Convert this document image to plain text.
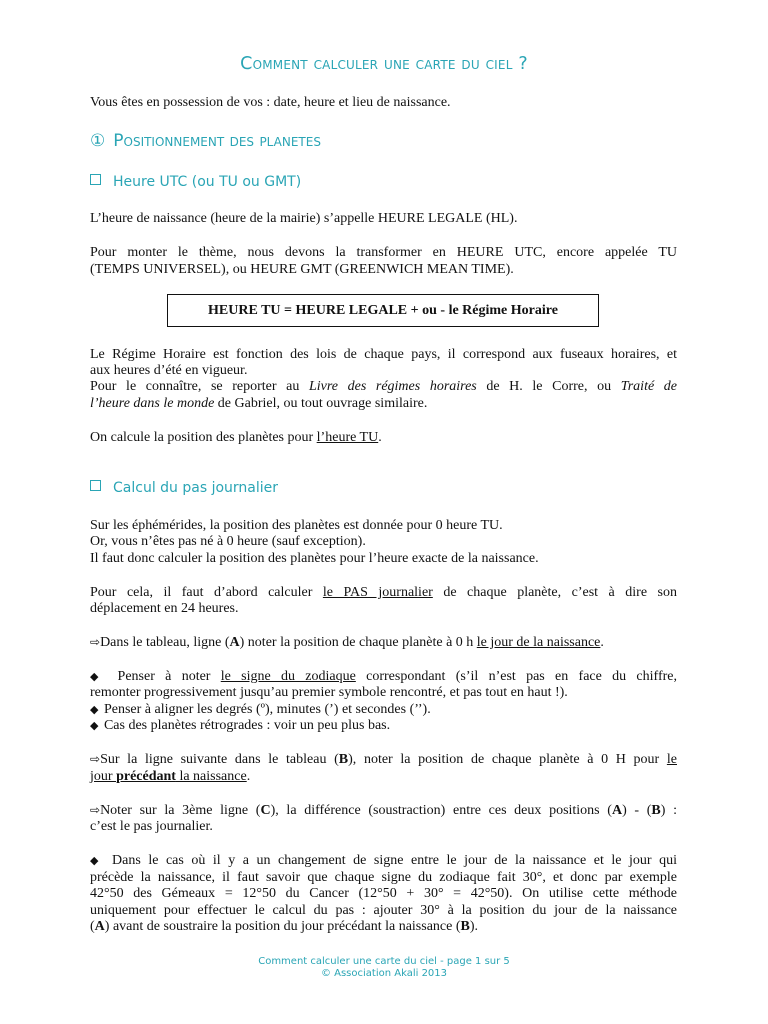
Comment calculer une carte du ciel ?
Vous êtes en possession de vos : date, heure et lieu de naissance.
① Positionnement des planetes
Heure UTC (ou TU ou GMT)
L’heure de naissance (heure de la mairie) s’appelle HEURE LEGALE (HL).
Pour monter le thème, nous devons la transformer en HEURE UTC, encore appelée TU
(TEMPS UNIVERSEL), ou HEURE GMT (GREENWICH MEAN TIME).
HEURE TU = HEURE LEGALE + ou - le Régime Horaire
Le Régime Horaire est fonction des lois de chaque pays, il correspond aux fuseaux horaires, et
aux heures d’été en vigueur.
Pour le connaître, se reporter au Livre des régimes horaires de H. le Corre, ou Traité de
l’heure dans le monde de Gabriel, ou tout ouvrage similaire.
On calcule la position des planètes pour l’heure TU.
Calcul du pas journalier
Sur les éphémérides, la position des planètes est donnée pour 0 heure TU.
Or, vous n’êtes pas né à 0 heure (sauf exception).
Il faut donc calculer la position des planètes pour l’heure exacte de la naissance.
Pour cela, il faut d’abord calculer le PAS journalier de chaque planète, c’est à dire son
déplacement en 24 heures.
⇨Dans le tableau, ligne (A) noter la position de chaque planète à 0 h le jour de la naissance.
◆ Penser à noter le signe du zodiaque correspondant (s’il n’est pas en face du chiffre,
remonter progressivement jusqu’au premier symbole rencontré, et pas tout en haut !).
◆ Penser à aligner les degrés (º), minutes (’) et secondes (’’).
◆ Cas des planètes rétrogrades : voir un peu plus bas.
⇨Sur la ligne suivante dans le tableau (B), noter la position de chaque planète à 0 H pour le
jour précédant la naissance.
⇨Noter sur la 3ème ligne (C), la différence (soustraction) entre ces deux positions (A) - (B) :
c’est le pas journalier.
◆ Dans le cas où il y a un changement de signe entre le jour de la naissance et le jour qui
précède la naissance, il faut savoir que chaque signe du zodiaque fait 30°, et donc par exemple
42°50 des Gémeaux = 12°50 du Cancer (12°50 + 30° = 42°50). On utilise cette méthode
uniquement pour effectuer le calcul du pas : ajouter 30° à la position du jour de la naissance
(A) avant de soustraire la position du jour précédant la naissance (B).
Comment calculer une carte du ciel - page 1 sur 5
© Association Akali 2013
